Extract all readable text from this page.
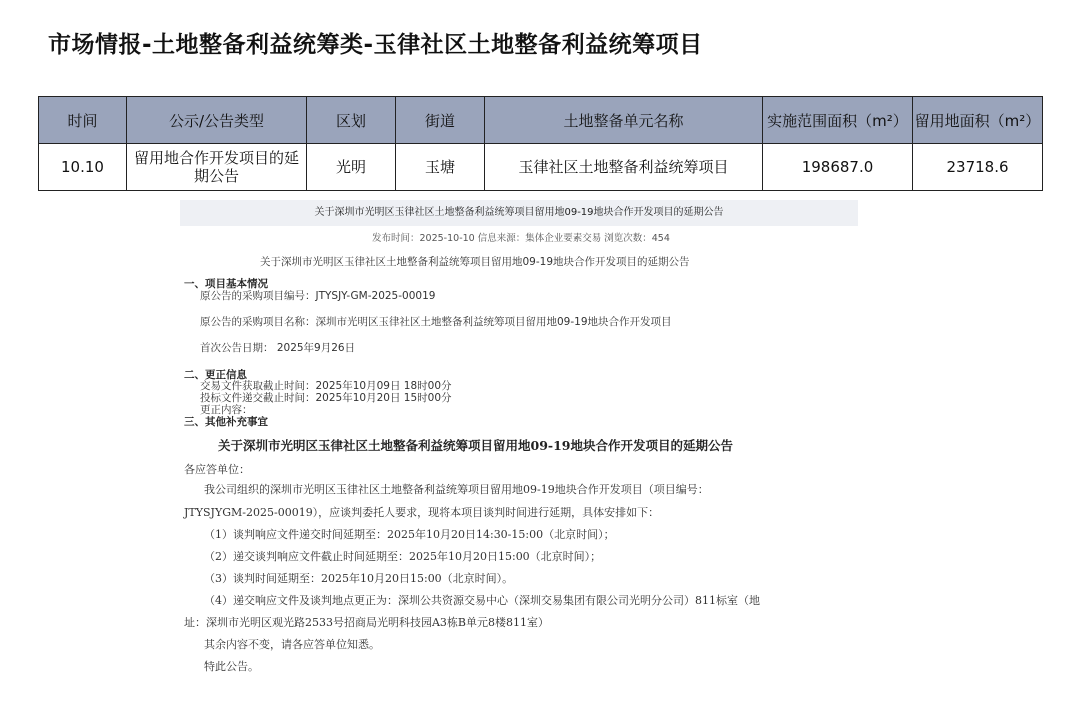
市场情报-土地整备利益统筹类-玉律社区土地整备利益统筹项目
时间	公示/公告类型	区划	街道	土地整备单元名称	实施范围面积（m²）	留用地面积（m²）
10.10	留用地合作开发项目的延期公告	光明	玉塘	玉律社区土地整备利益统筹项目	198687.0	23718.6
关于深圳市光明区玉律社区土地整备利益统筹项目留用地09-19地块合作开发项目的延期公告
发布时间：2025-10-10 信息来源：集体企业要素交易 浏览次数：454
关于深圳市光明区玉律社区土地整备利益统筹项目留用地09-19地块合作开发项目的延期公告
一、项目基本情况
原公告的采购项目编号：JTYSJY-GM-2025-00019
原公告的采购项目名称：深圳市光明区玉律社区土地整备利益统筹项目留用地09-19地块合作开发项目
首次公告日期： 2025年9月26日
二、更正信息
交易文件获取截止时间：2025年10月09日 18时00分
投标文件递交截止时间：2025年10月20日 15时00分
更正内容：
三、其他补充事宜
关于深圳市光明区玉律社区土地整备利益统筹项目留用地09-19地块合作开发项目的延期公告
各应答单位：
我公司组织的深圳市光明区玉律社区土地整备利益统筹项目留用地09-19地块合作开发项目（项目编号：
JTYSJYGM-2025-00019），应谈判委托人要求，现将本项目谈判时间进行延期，具体安排如下：
（1）谈判响应文件递交时间延期至：2025年10月20日14:30-15:00（北京时间）；
（2）递交谈判响应文件截止时间延期至：2025年10月20日15:00（北京时间）；
（3）谈判时间延期至：2025年10月20日15:00（北京时间）。
（4）递交响应文件及谈判地点更正为：深圳公共资源交易中心（深圳交易集团有限公司光明分公司）811标室（地
址：深圳市光明区观光路2533号招商局光明科技园A3栋B单元8楼811室）
其余内容不变，请各应答单位知悉。
特此公告。
